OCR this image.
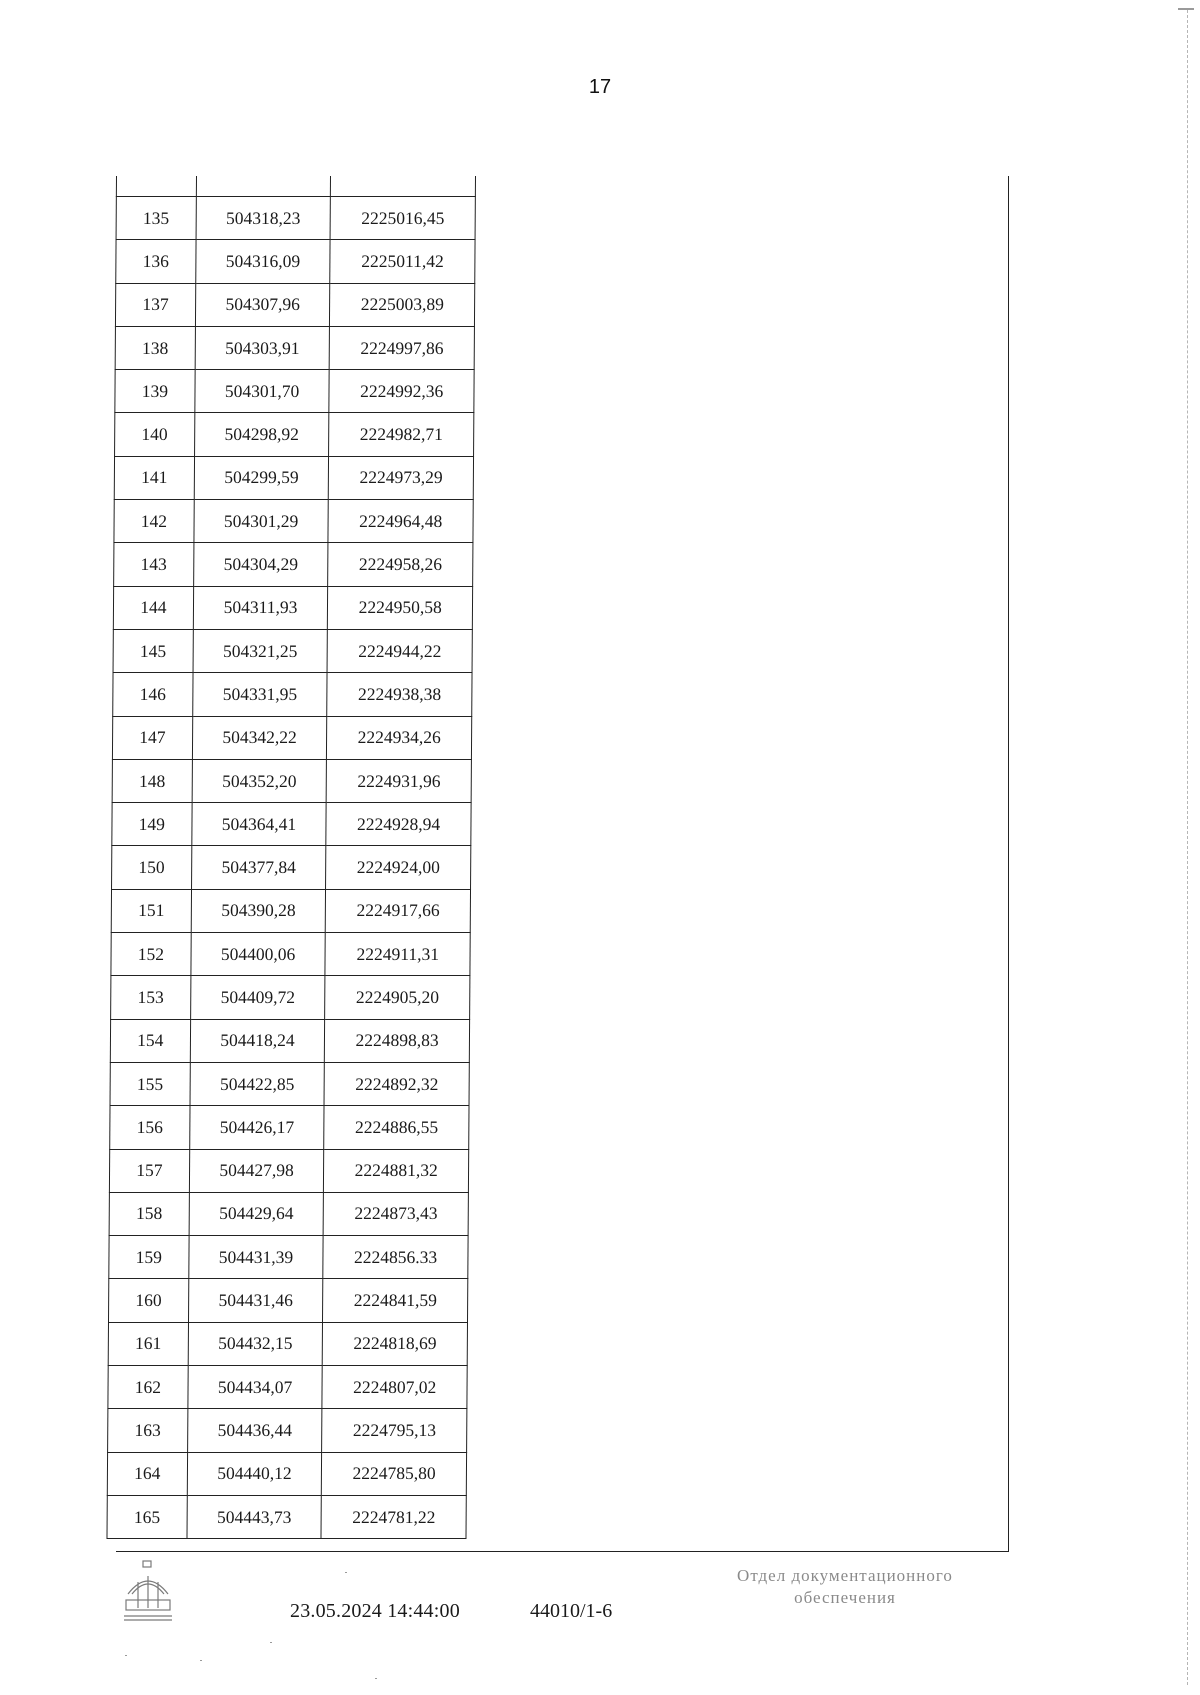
17

135	504318,23	2225016,45
136	504316,09	2225011,42
137	504307,96	2225003,89
138	504303,91	2224997,86
139	504301,70	2224992,36
140	504298,92	2224982,71
141	504299,59	2224973,29
142	504301,29	2224964,48
143	504304,29	2224958,26
144	504311,93	2224950,58
145	504321,25	2224944,22
146	504331,95	2224938,38
147	504342,22	2224934,26
148	504352,20	2224931,96
149	504364,41	2224928,94
150	504377,84	2224924,00
151	504390,28	2224917,66
152	504400,06	2224911,31
153	504409,72	2224905,20
154	504418,24	2224898,83
155	504422,85	2224892,32
156	504426,17	2224886,55
157	504427,98	2224881,32
158	504429,64	2224873,43
159	504431,39	2224856.33
160	504431,46	2224841,59
161	504432,15	2224818,69
162	504434,07	2224807,02
163	504436,44	2224795,13
164	504440,12	2224785,80
165	504443,73	2224781,22
23.05.2024 14:44:00	44010/1-6
Отдел документационного
обеспечения
